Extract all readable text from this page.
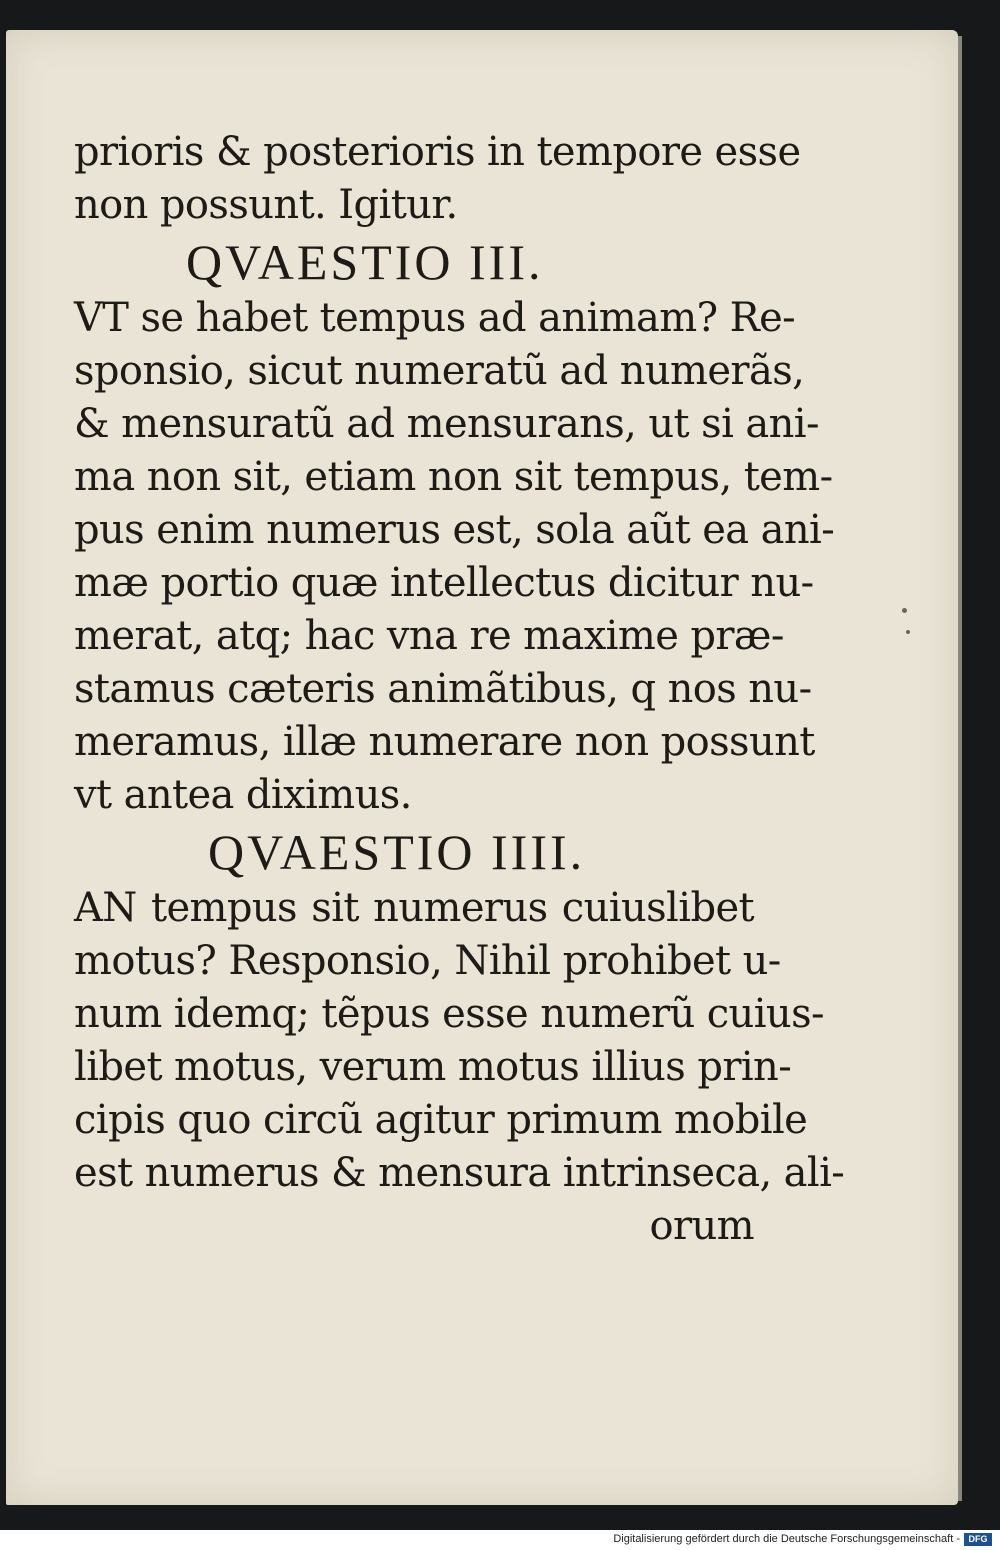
prioris & posterioris in tempore esse
non possunt. Igitur.
QVAESTIO III.
VT se habet tempus ad animam? Re-
sponsio, sicut numeratũ ad numerãs,
& mensuratũ ad mensurans, ut si ani-
ma non sit, etiam non sit tempus, tem-
pus enim numerus est, sola aũt ea ani-
mæ portio quæ intellectus dicitur nu-
merat, atq; hac vna re maxime præ-
stamus cæteris animãtibus, q nos nu-
meramus, illæ numerare non possunt
vt antea diximus.
QVAESTIO IIII.
AN tempus sit numerus cuiuslibet
motus? Responsio, Nihil prohibet u-
num idemq; tẽpus esse numerũ cuius-
libet motus, verum motus illius prin-
cipis quo circũ agitur primum mobile
est numerus & mensura intrinseca, ali-
orum
Digitalisierung gefördert durch die Deutsche Forschungsgemeinschaft - DFG
